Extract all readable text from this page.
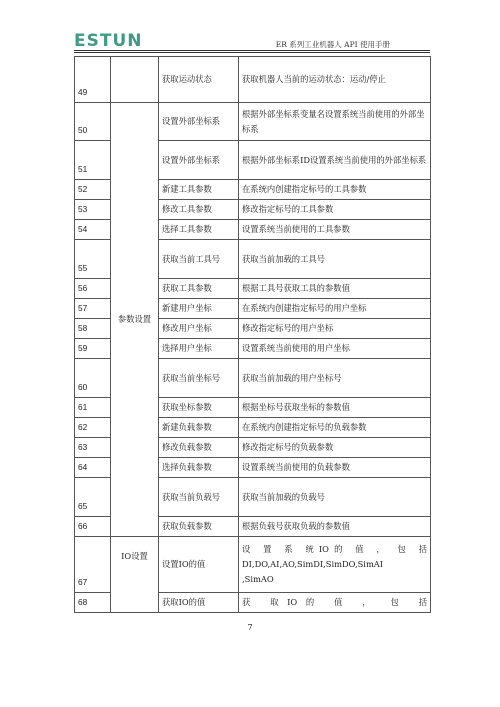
ESTUN	ER 系列工业机器人 API 使用手册
49		获取运动状态	获取机器人当前的运动状态：运动/停止
50	参数设置	设置外部坐标系	根据外部坐标系变量名设置系统当前使用的外部坐标系
51		设置外部坐标系	根据外部坐标系ID设置系统当前使用的外部坐标系
52		新建工具参数	在系统内创建指定标号的工具参数
53		修改工具参数	修改指定标号的工具参数
54		选择工具参数	设置系统当前使用的工具参数
55		获取当前工具号	获取当前加载的工具号
56		获取工具参数	根据工具号获取工具的参数值
57		新建用户坐标	在系统内创建指定标号的用户坐标
58		修改用户坐标	修改指定标号的用户坐标
59		选择用户坐标	设置系统当前使用的用户坐标
60		获取当前坐标号	获取当前加载的用户坐标号
61		获取坐标参数	根据坐标号获取坐标的参数值
62		新建负载参数	在系统内创建指定标号的负载参数
63		修改负载参数	修改指定标号的负载参数
64		选择负载参数	设置系统当前使用的负载参数
65		获取当前负载号	获取当前加载的负载号
66		获取负载参数	根据负载号获取负载的参数值
67	IO设置	设置IO的值	设 置 系 统IO的 值 ， 包 括
DI,DO,AI,AO,SimDI,SimDO,SimAI
,SimAO

68		获取IO的值	获 取IO的 值 ， 包 括
7
